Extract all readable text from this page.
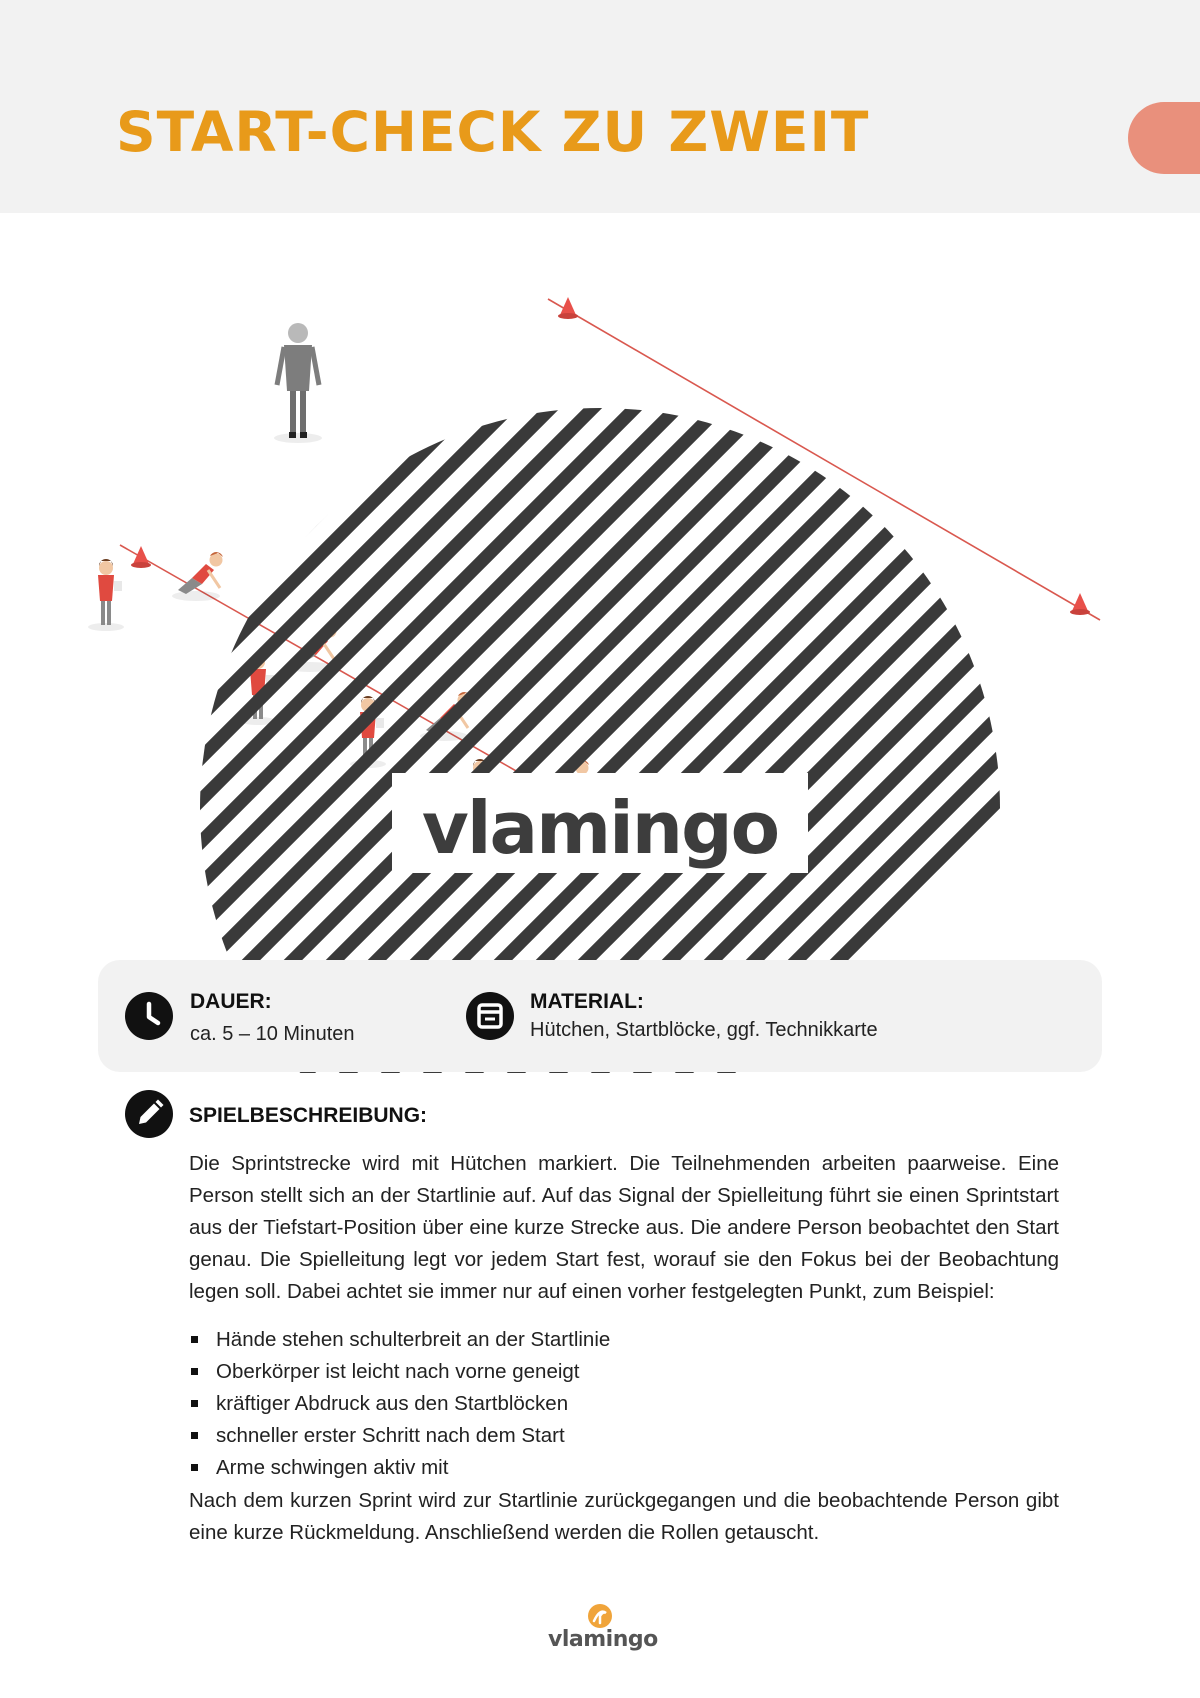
START-CHECK ZU ZWEIT
vlamingo
DAUER:
ca. 5 – 10 Minuten
MATERIAL:
Hütchen, Startblöcke, ggf. Technikkarte
SPIELBESCHREIBUNG:

Die Sprintstrecke wird mit Hütchen markiert. Die Teilnehmenden arbeiten paarweise. Eine Person stellt sich an der Startlinie auf. Auf das Signal der Spielleitung führt sie einen Sprintstart aus der Tiefstart-Position über eine kurze Strecke aus. Die andere Person beobachtet den Start genau. Die Spielleitung legt vor jedem Start fest, worauf sie den Fokus bei der Beobachtung legen soll. Dabei achtet sie immer nur auf einen vorher festgelegten Punkt, zum Beispiel:

Hände stehen schulterbreit an der Startlinie
Oberkörper ist leicht nach vorne geneigt
kräftiger Abdruck aus den Startblöcken
schneller erster Schritt nach dem Start
Arme schwingen aktiv mit

Nach dem kurzen Sprint wird zur Startlinie zurückgegangen und die beobachtende Person gibt eine kurze Rückmeldung. Anschließend werden die Rollen getauscht.

vlamingo
